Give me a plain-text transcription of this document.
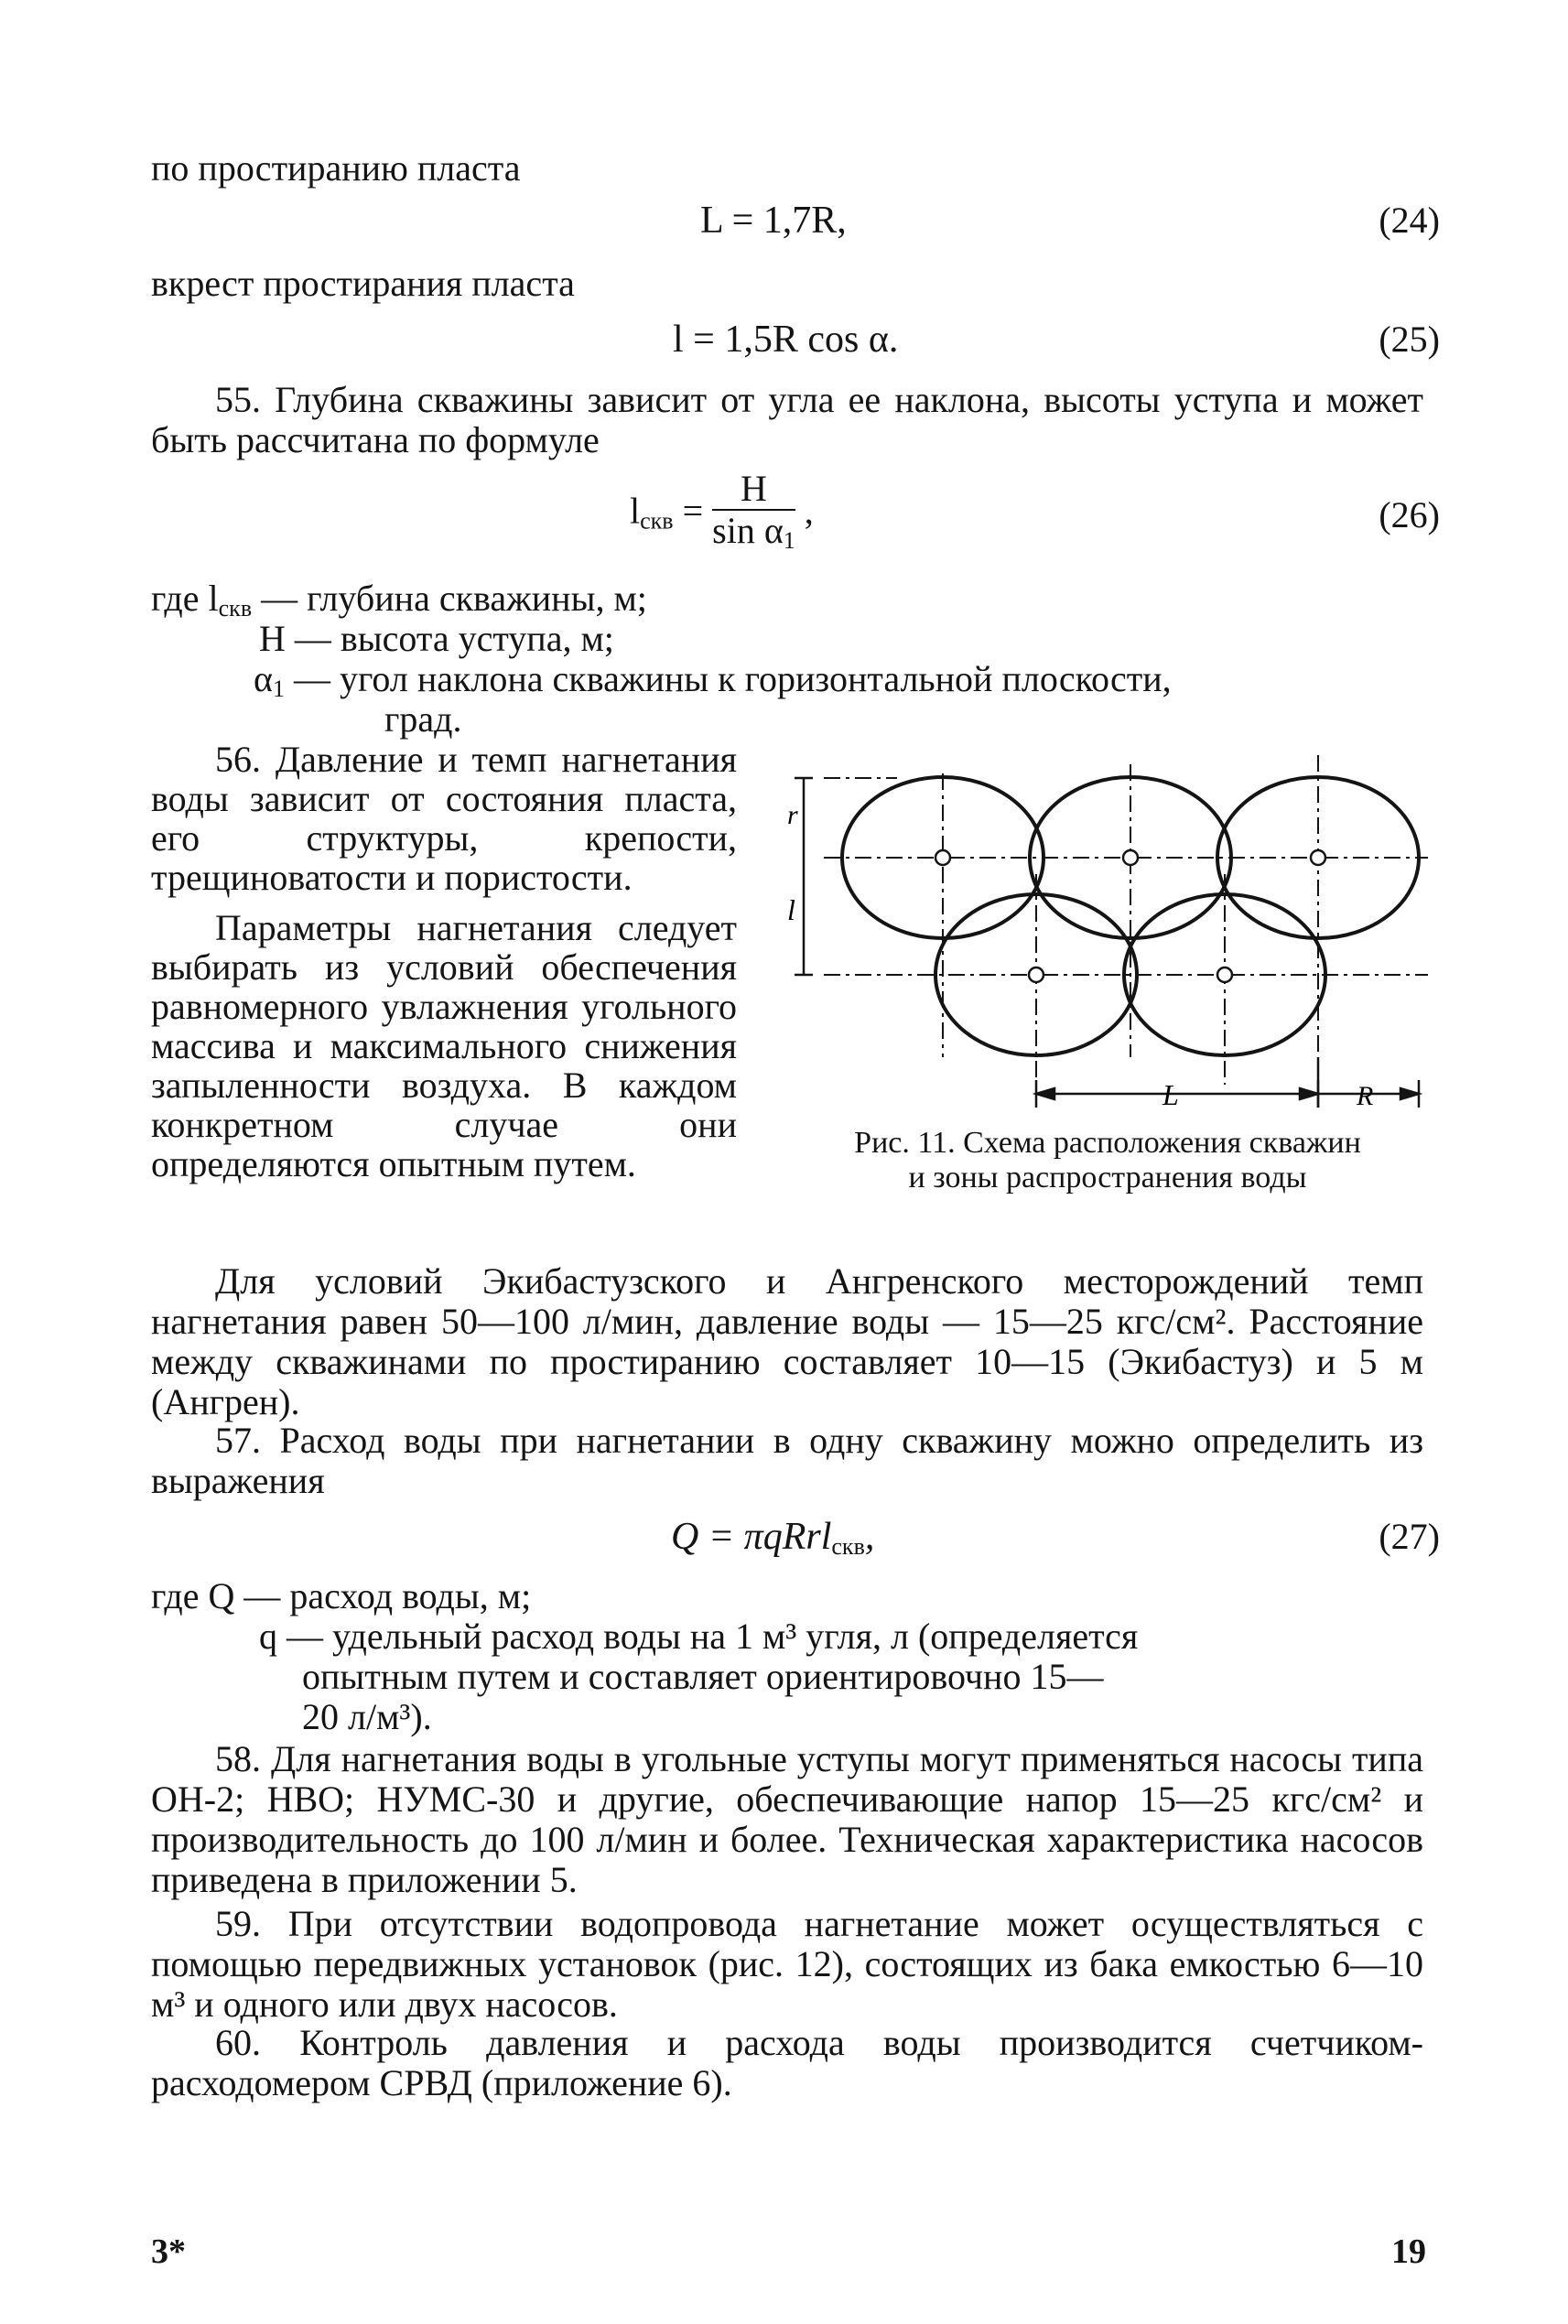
по простиранию пласта
L = 1,7R,	(24)
вкрест простирания пласта
l = 1,5R cos α.	(25)
55. Глубина скважины зависит от угла ее наклона, высоты уступа и может быть рассчитана по формуле
$l_{скв} = \frac{H}{\sin \alpha_1}$ ,	(26)
где $l_{скв}$ — глубина скважины, м;
H — высота уступа, м;
$\alpha_1$ — угол наклона скважины к горизонтальной плоскости,
град.

56. Давление и темп нагнетания воды зависит от состояния пласта, его структуры, крепости, трещиноватости и пористости.

Параметры нагнетания следует выбирать из условий обеспечения равномерного увлажнения угольного массива и максимального снижения запыленности воздуха. В каждом конкретном случае они определяются опытным путем.

r
l
L	R
Рис. 11. Схема расположения скважин
и зоны распространения воды
Для условий Экибастузского и Ангренского месторождений темп нагнетания равен 50—100 л/мин, давление воды — 15—25 кгс/см². Расстояние между скважинами по простиранию составляет 10—15 (Экибастуз) и 5 м (Ангрен).
57. Расход воды при нагнетании в одну скважину можно определить из выражения
Q = πqRrl$_{скв}$,	(27)
где Q — расход воды, м;
q — удельный расход воды на 1 м³ угля, л (определяется
опытным путем и составляет ориентировочно 15—
20 л/м³).
58. Для нагнетания воды в угольные уступы могут применяться насосы типа ОН-2; НВО; НУМС-30 и другие, обеспечивающие напор 15—25 кгс/см² и производительность до 100 л/мин и более. Техническая характеристика насосов приведена в приложении 5.
59. При отсутствии водопровода нагнетание может осуществляться с помощью передвижных установок (рис. 12), состоящих из бака емкостью 6—10 м³ и одного или двух насосов.
60. Контроль давления и расхода воды производится счетчиком-расходомером СРВД (приложение 6).
3*	19
